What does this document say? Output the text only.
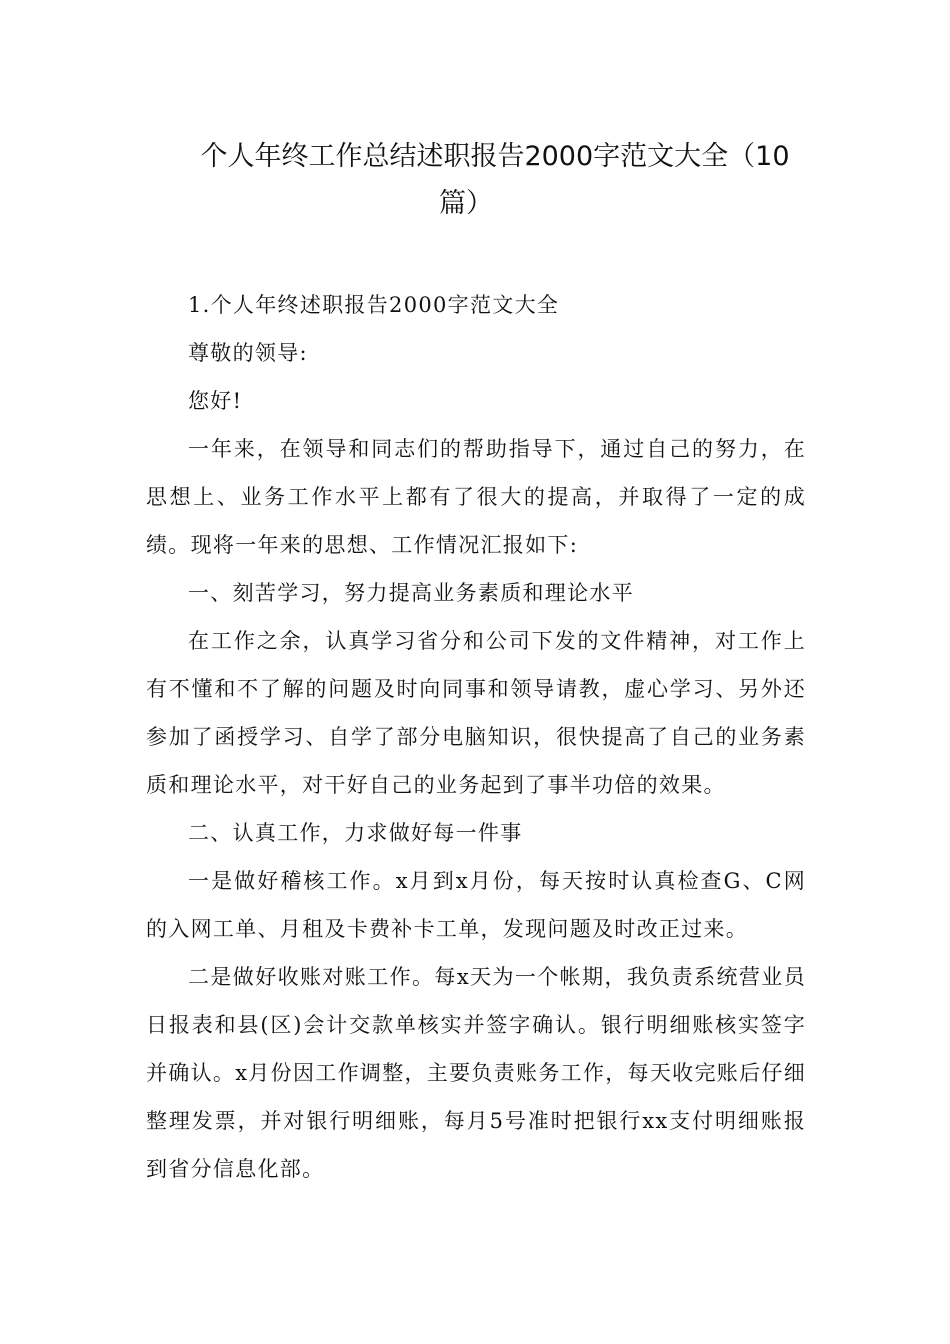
个人年终工作总结述职报告2000字范文大全（10
篇）

1.个人年终述职报告2000字范文大全

尊敬的领导:

您好!

一年来，在领导和同志们的帮助指导下，通过自己的努力，在思想上、业务工作水平上都有了很大的提高，并取得了一定的成绩。现将一年来的思想、工作情况汇报如下:

一、刻苦学习，努力提高业务素质和理论水平

在工作之余，认真学习省分和公司下发的文件精神，对工作上有不懂和不了解的问题及时向同事和领导请教，虚心学习、另外还参加了函授学习、自学了部分电脑知识，很快提高了自己的业务素质和理论水平，对干好自己的业务起到了事半功倍的效果。

二、认真工作，力求做好每一件事

一是做好稽核工作。x月到x月份，每天按时认真检查G、C网的入网工单、月租及卡费补卡工单，发现问题及时改正过来。

二是做好收账对账工作。每x天为一个帐期，我负责系统营业员日报表和县(区)会计交款单核实并签字确认。银行明细账核实签字并确认。x月份因工作调整，主要负责账务工作，每天收完账后仔细整理发票，并对银行明细账，每月5号准时把银行xx支付明细账报到省分信息化部。
